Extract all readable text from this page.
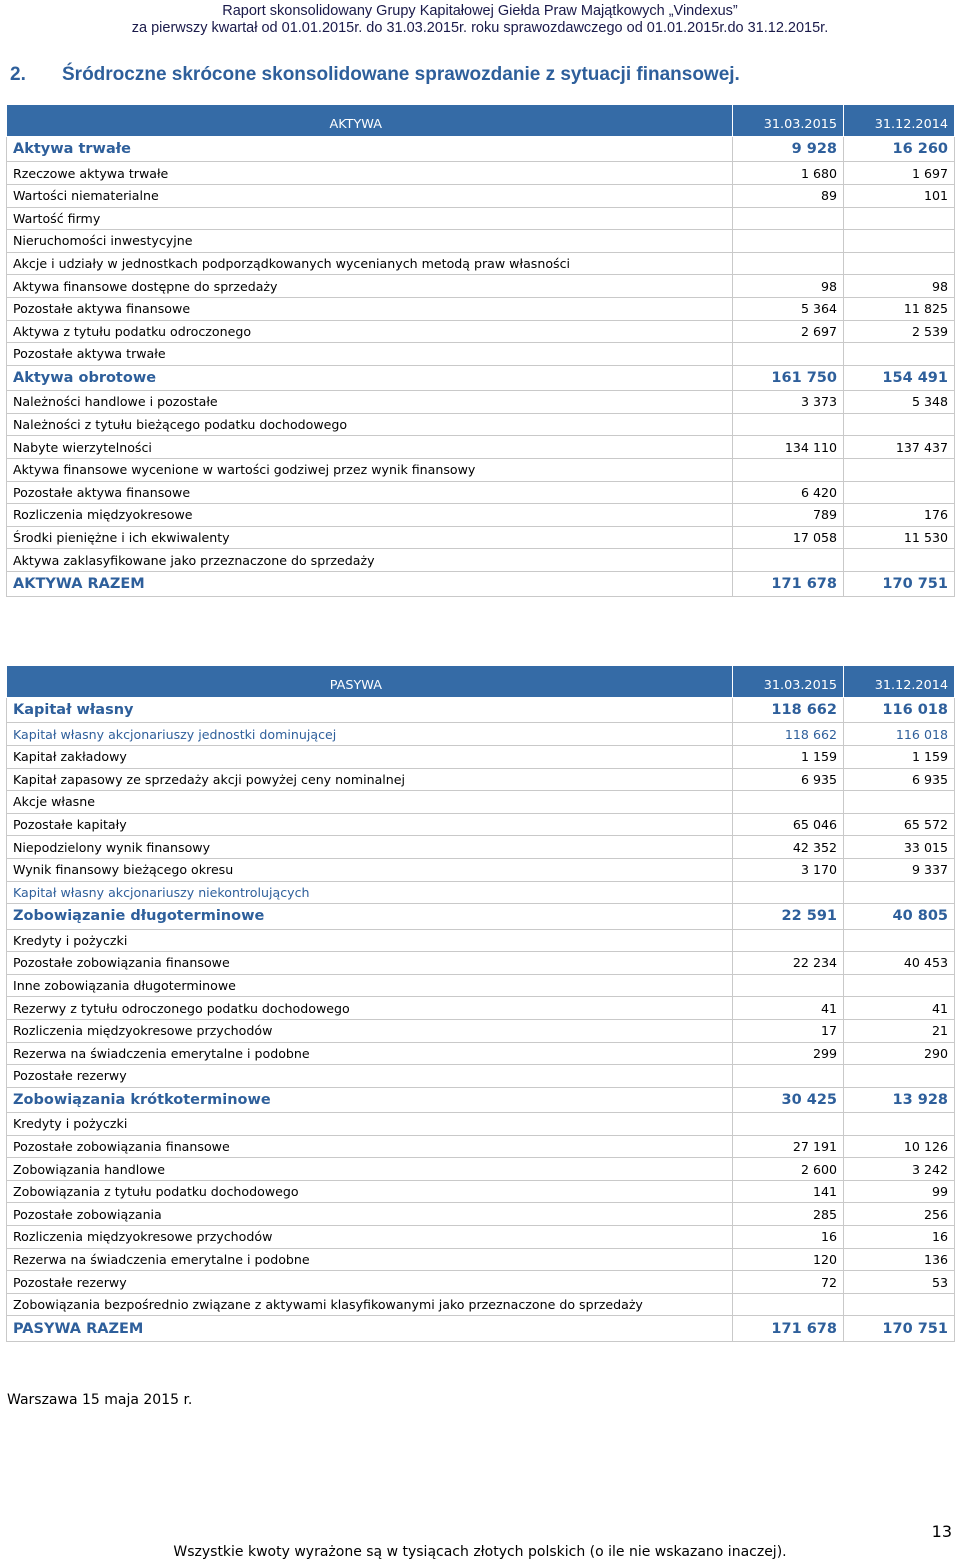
Raport skonsolidowany Grupy Kapitałowej Giełda Praw Majątkowych „Vindexus”
za pierwszy kwartał od 01.01.2015r. do 31.03.2015r. roku sprawozdawczego od 01.01.2015r.do 31.12.2015r.
2. Śródroczne skrócone skonsolidowane sprawozdanie z sytuacji finansowej.
AKTYWA	31.03.2015	31.12.2014
Aktywa trwałe	9 928	16 260
Rzeczowe aktywa trwałe	1 680	1 697
Wartości niematerialne	89	101
Wartość firmy		
Nieruchomości inwestycyjne		
Akcje i udziały w jednostkach podporządkowanych wycenianych metodą praw własności		
Aktywa finansowe dostępne do sprzedaży	98	98
Pozostałe aktywa finansowe	5 364	11 825
Aktywa z tytułu podatku odroczonego	2 697	2 539
Pozostałe aktywa trwałe		
Aktywa obrotowe	161 750	154 491
Należności handlowe i pozostałe	3 373	5 348
Należności z tytułu bieżącego podatku dochodowego		
Nabyte wierzytelności	134 110	137 437
Aktywa finansowe wycenione w wartości godziwej przez wynik finansowy		
Pozostałe aktywa finansowe	6 420	
Rozliczenia międzyokresowe	789	176
Środki pieniężne i ich ekwiwalenty	17 058	11 530
Aktywa zaklasyfikowane jako przeznaczone do sprzedaży		
AKTYWA RAZEM	171 678	170 751
PASYWA	31.03.2015	31.12.2014
Kapitał własny	118 662	116 018
Kapitał własny akcjonariuszy jednostki dominującej	118 662	116 018
Kapitał zakładowy	1 159	1 159
Kapitał zapasowy ze sprzedaży akcji powyżej ceny nominalnej	6 935	6 935
Akcje własne		
Pozostałe kapitały	65 046	65 572
Niepodzielony wynik finansowy	42 352	33 015
Wynik finansowy bieżącego okresu	3 170	9 337
Kapitał własny akcjonariuszy niekontrolujących		
Zobowiązanie długoterminowe	22 591	40 805
Kredyty i pożyczki		
Pozostałe zobowiązania finansowe	22 234	40 453
Inne zobowiązania długoterminowe		
Rezerwy z tytułu odroczonego podatku dochodowego	41	41
Rozliczenia międzyokresowe przychodów	17	21
Rezerwa na świadczenia emerytalne i podobne	299	290
Pozostałe rezerwy		
Zobowiązania krótkoterminowe	30 425	13 928
Kredyty i pożyczki		
Pozostałe zobowiązania finansowe	27 191	10 126
Zobowiązania handlowe	2 600	3 242
Zobowiązania z tytułu podatku dochodowego	141	99
Pozostałe zobowiązania	285	256
Rozliczenia międzyokresowe przychodów	16	16
Rezerwa na świadczenia emerytalne i podobne	120	136
Pozostałe rezerwy	72	53
Zobowiązania bezpośrednio związane z aktywami klasyfikowanymi jako przeznaczone do sprzedaży		
PASYWA RAZEM	171 678	170 751
Warszawa 15 maja 2015 r.
13
Wszystkie kwoty wyrażone są w tysiącach złotych polskich (o ile nie wskazano inaczej).
